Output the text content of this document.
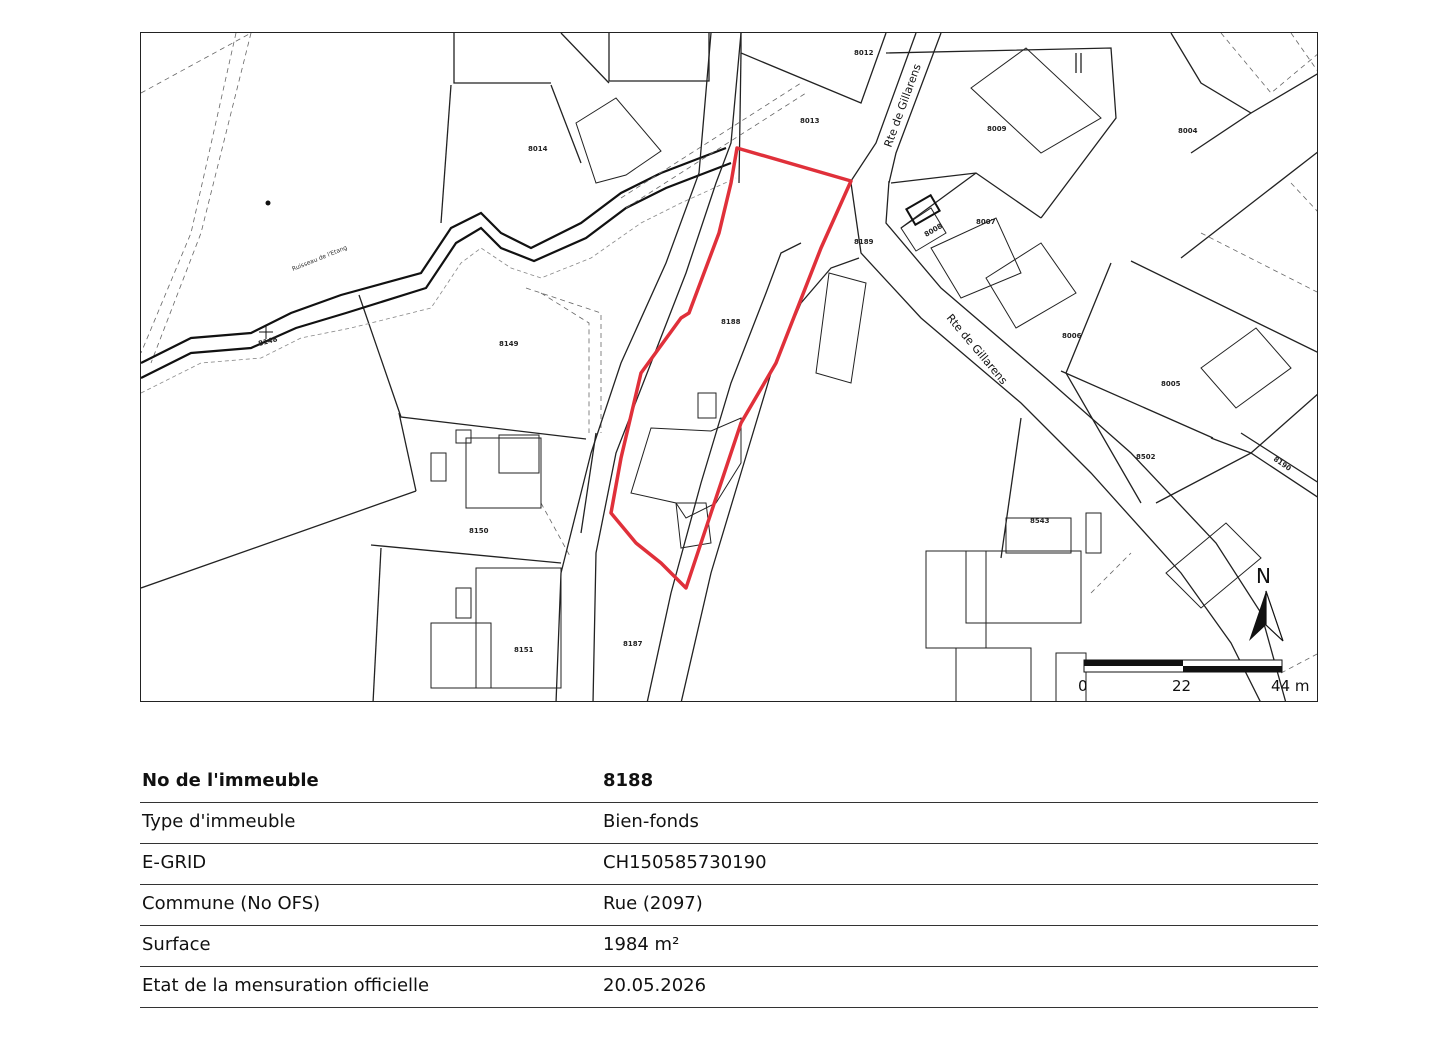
8012
8013
8014
8009	8004
8007
8189
8188
8149
8006
8005
8502
8150
8543
8151
8187
8008
8148
8190
Rte de Gillarens
Rte de Gillarens
Ruisseau de l'Etang
N
0	22	44 m
No de l'immeuble	8188
Type d'immeuble	Bien-fonds
E-GRID	CH150585730190
Commune (No OFS)	Rue (2097)
Surface	1984 m²
Etat de la mensuration officielle	20.05.2026
